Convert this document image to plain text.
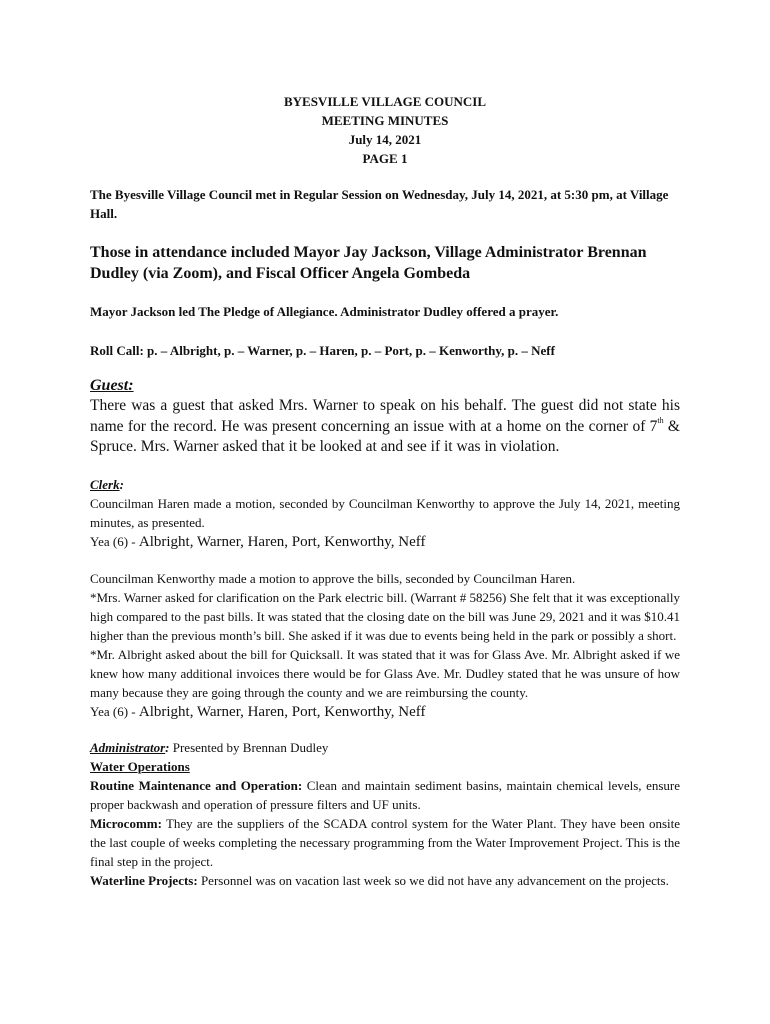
BYESVILLE VILLAGE COUNCIL
MEETING MINUTES
July 14, 2021
PAGE 1

The Byesville Village Council met in Regular Session on Wednesday, July 14, 2021, at 5:30 pm, at Village Hall.

Those in attendance included Mayor Jay Jackson, Village Administrator Brennan Dudley (via Zoom), and Fiscal Officer Angela Gombeda

Mayor Jackson led The Pledge of Allegiance. Administrator Dudley offered a prayer.

Roll Call: p. – Albright, p. – Warner, p. – Haren, p. – Port, p. – Kenworthy, p. – Neff

Guest:

There was a guest that asked Mrs. Warner to speak on his behalf. The guest did not state his name for the record. He was present concerning an issue with at a home on the corner of 7th & Spruce. Mrs. Warner asked that it be looked at and see if it was in violation.

Clerk:

Councilman Haren made a motion, seconded by Councilman Kenworthy to approve the July 14, 2021, meeting minutes, as presented.

Yea (6) - Albright, Warner, Haren, Port, Kenworthy, Neff

Councilman Kenworthy made a motion to approve the bills, seconded by Councilman Haren.

*Mrs. Warner asked for clarification on the Park electric bill. (Warrant # 58256) She felt that it was exceptionally high compared to the past bills. It was stated that the closing date on the bill was June 29, 2021 and it was $10.41 higher than the previous month’s bill. She asked if it was due to events being held in the park or possibly a short.

*Mr. Albright asked about the bill for Quicksall. It was stated that it was for Glass Ave. Mr. Albright asked if we knew how many additional invoices there would be for Glass Ave. Mr. Dudley stated that he was unsure of how many because they are going through the county and we are reimbursing the county.

Yea (6) - Albright, Warner, Haren, Port, Kenworthy, Neff

Administrator: Presented by Brennan Dudley

Water Operations

Routine Maintenance and Operation: Clean and maintain sediment basins, maintain chemical levels, ensure proper backwash and operation of pressure filters and UF units.

Microcomm: They are the suppliers of the SCADA control system for the Water Plant. They have been onsite the last couple of weeks completing the necessary programming from the Water Improvement Project. This is the final step in the project.

Waterline Projects: Personnel was on vacation last week so we did not have any advancement on the projects.
